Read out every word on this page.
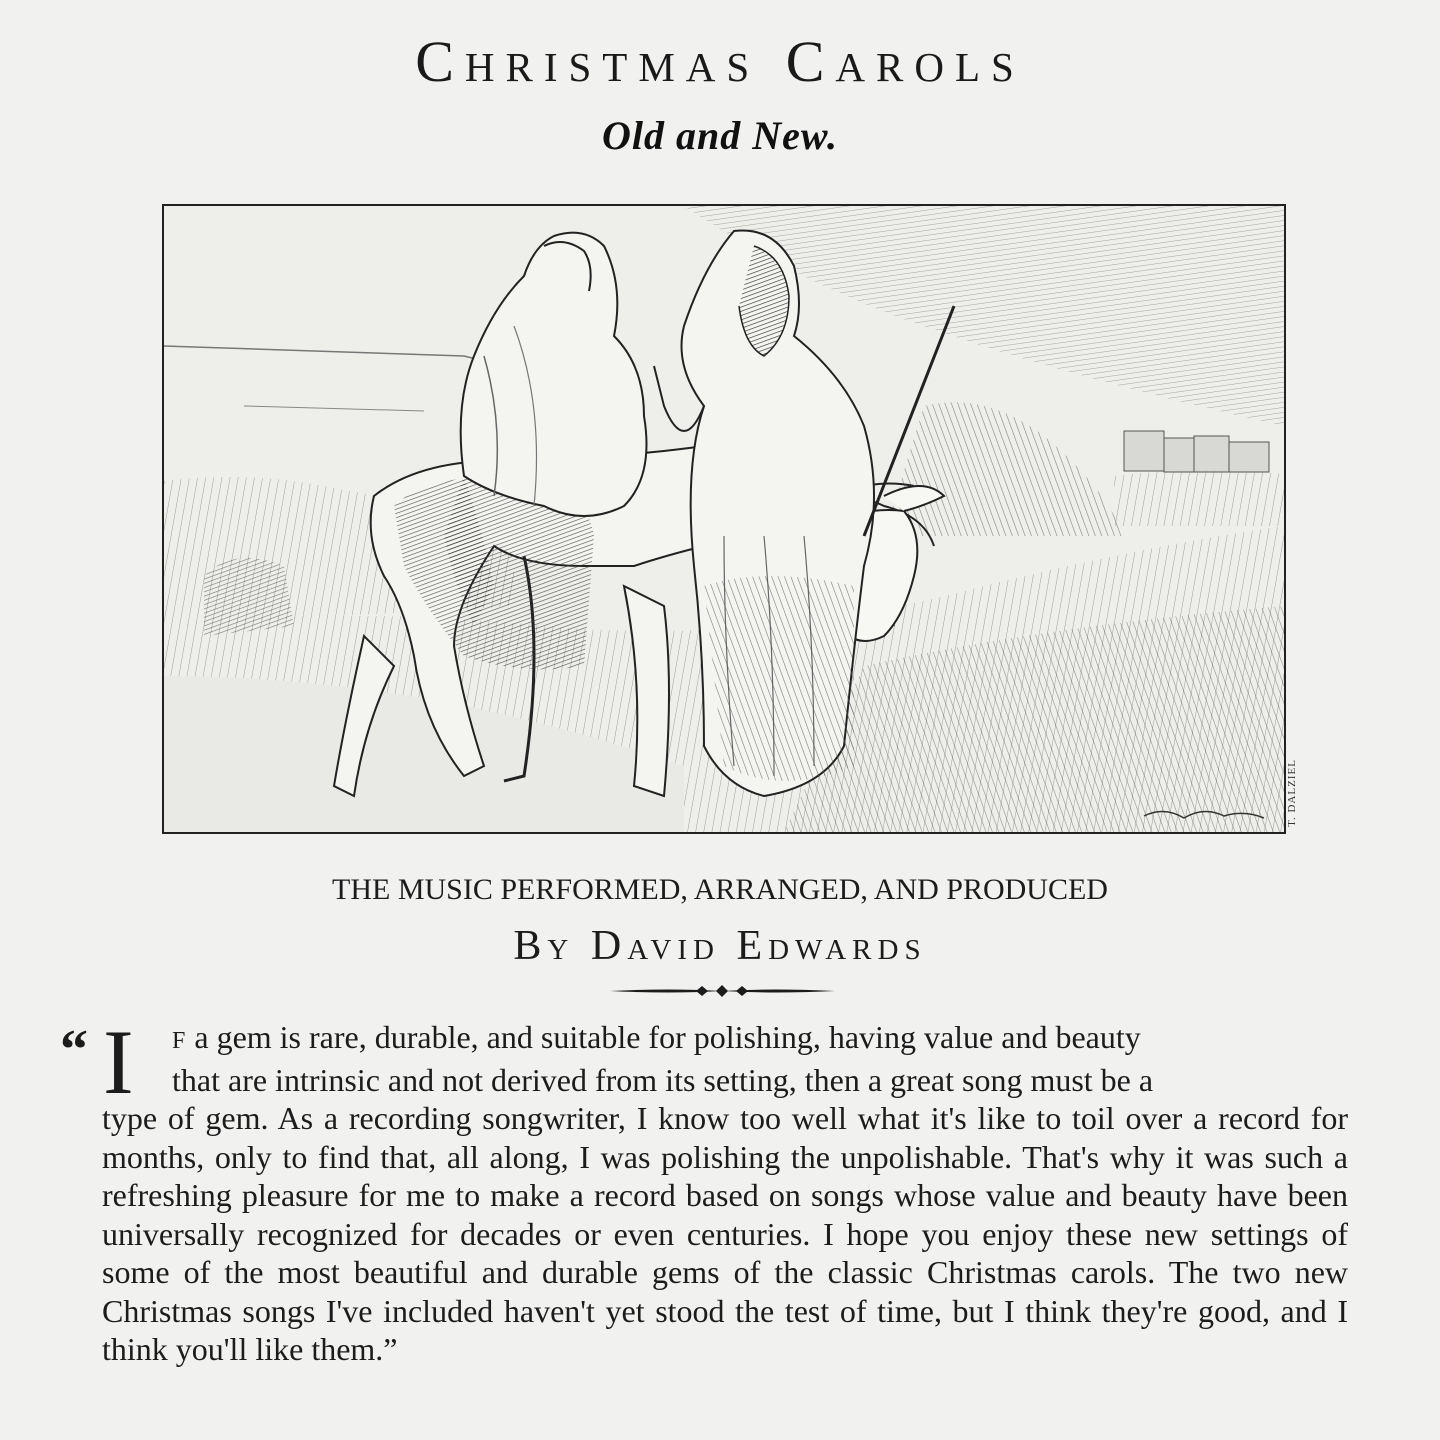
Christmas Carols
Old and New.
T. DALZIEL
THE MUSIC PERFORMED, ARRANGED, AND PRODUCED
By David Edwards
“ I	F a gem is rare, durable, and suitable for polishing, having value and beauty
that are intrinsic and not derived from its setting, then a great song must be a
type of gem. As a recording songwriter, I know too well what it's like to toil over a record for months, only to find that, all along, I was polishing the unpolishable. That's why it was such a refreshing pleasure for me to make a record based on songs whose value and beauty have been universally recognized for decades or even centuries. I hope you enjoy these new settings of some of the most beautiful and durable gems of the classic Christmas carols. The two new Christmas songs I've included haven't yet stood the test of time, but I think they're good, and I think you'll like them.”
